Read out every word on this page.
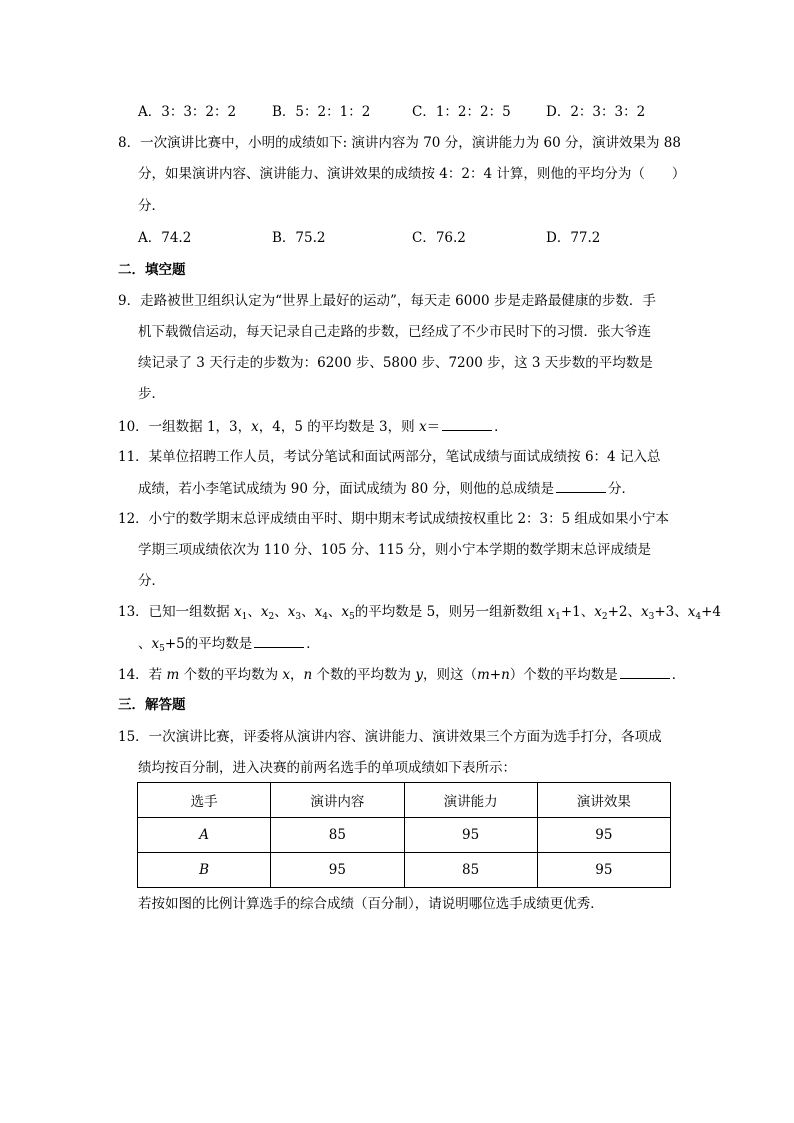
A．3：3：2：2	B．5：2：1：2	C．1：2：2：5	D．2：3：3：2
8．一次演讲比赛中，小明的成绩如下: 演讲内容为 70 分，演讲能力为 60 分，演讲效果为 88
分，如果演讲内容、演讲能力、演讲效果的成绩按 4：2：4 计算，则他的平均分为（　　）
分．
A．74.2	B．75.2	C．76.2	D．77.2
二．填空题
9．走路被世卫组织认定为“世界上最好的运动”，每天走 6000 步是走路最健康的步数．手
机下载微信运动，每天记录自己走路的步数，已经成了不少市民时下的习惯．张大爷连
续记录了 3 天行走的步数为：6200 步、5800 步、7200 步，这 3 天步数的平均数是
步．
10．一组数据 1，3，x，4，5 的平均数是 3，则 x＝	．
11．某单位招聘工作人员，考试分笔试和面试两部分，笔试成绩与面试成绩按 6：4 记入总
成绩，若小李笔试成绩为 90 分，面试成绩为 80 分，则他的总成绩是	分．
12．小宁的数学期末总评成绩由平时、期中期末考试成绩按权重比 2：3：5 组成如果小宁本
学期三项成绩依次为 110 分、105 分、115 分，则小宁本学期的数学期末总评成绩是
分．
13．已知一组数据 $x_1$、$x_2$、$x_3$、$x_4$、$x_5$的平均数是 5，则另一组新数组 $x_1+1$、$x_2+2$、$x_3+3$、$x_4+4$
、$x_5+5$的平均数是	．
14．若 m 个数的平均数为 x，n 个数的平均数为 y，则这（m+n）个数的平均数是	．
三．解答题
15．一次演讲比赛，评委将从演讲内容、演讲能力、演讲效果三个方面为选手打分，各项成
绩均按百分制，进入决赛的前两名选手的单项成绩如下表所示：
选手	演讲内容	演讲能力	演讲效果
A	85	95	95
B	95	85	95
若按如图的比例计算选手的综合成绩（百分制），请说明哪位选手成绩更优秀．
